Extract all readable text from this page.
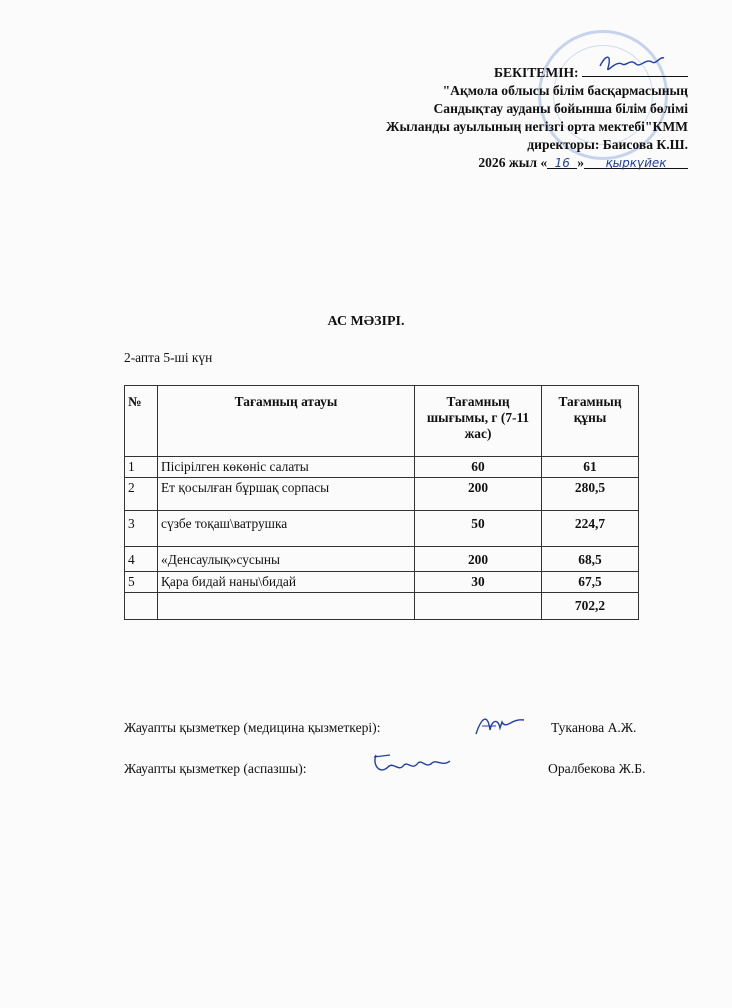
БЕКІТЕМІН:
"Ақмола облысы білім басқармасының
Сандықтау ауданы бойынша білім бөлімі
Жыланды ауылының негізгі орта мектебі"КММ
директоры: Баисова К.Ш.
2026 жыл « 16 » қыркүйек
АС МӘЗІРІ.
2-апта 5-ші күн
№	Тағамның атауы	Тағамның шығымы, г (7-11 жас)	Тағамның құны
1	Пісірілген көкөніс салаты	60	61
2	Ет қосылған бұршақ сорпасы	200	280,5
3	сүзбе тоқаш\ватрушка	50	224,7
4	«Денсаулық»сусыны	200	68,5
5	Қара бидай наны\бидай	30	67,5
			702,2
Жауапты қызметкер (медицина қызметкері):	Туканова А.Ж.
Жауапты қызметкер (аспазшы):	Оралбекова Ж.Б.
